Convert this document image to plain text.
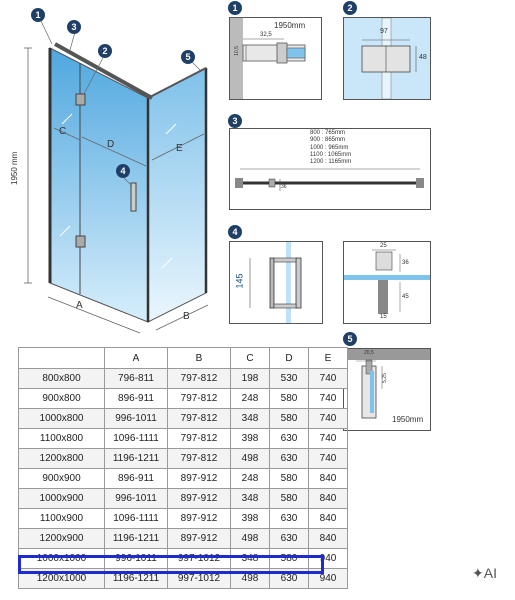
1950 mm
A
B
C
D	E
1
3
2
5
4
1
1950mm
32,5
10,5
2
97
48
3
800 : 765mm
900 : 865mm
1000 : 965mm
1100 : 1065mm
1200 : 1165mm
36
4
145
25
36
45
15
5
20,5
5,25
1950mm
	A	B	C	D	E
800x800	796-811	797-812	198	530	740
900x800	896-911	797-812	248	580	740
1000x800	996-1011	797-812	348	580	740
1100x800	1096-1111	797-812	398	630	740
1200x800	1196-1211	797-812	498	630	740
900x900	896-911	897-912	248	580	840
1000x900	996-1011	897-912	348	580	840
1100x900	1096-1111	897-912	398	630	840
1200x900	1196-1211	897-912	498	630	840
1000x1000	996-1011	997-1012	348	580	940
1200x1000	1196-1211	997-1012	498	630	940	✦AI
